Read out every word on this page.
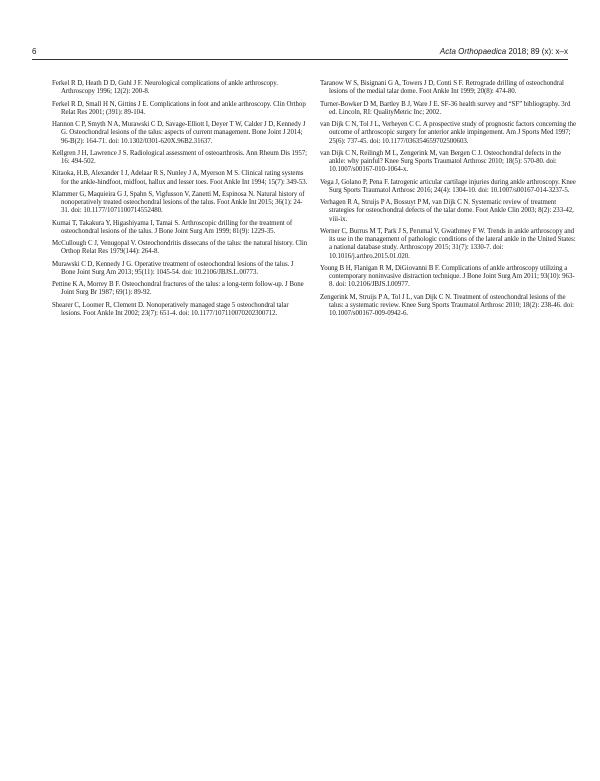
6	Acta Orthopaedica 2018; 89 (x): x–x

Ferkel R D, Heath D D, Guhl J F. Neurological complications of ankle arthroscopy. Arthroscopy 1996; 12(2): 200-8.

Ferkel R D, Small H N, Gittins J E. Complications in foot and ankle arthroscopy. Clin Orthop Relat Res 2001; (391): 89-104.

Hannon C P, Smyth N A, Murawski C D, Savage-Elliott I, Deyer T W, Calder J D, Kennedy J G. Osteochondral lesions of the talus: aspects of current management. Bone Joint J 2014; 96-B(2): 164-71. doi: 10.1302/0301-620X.96B2.31637.

Kellgren J H, Lawrence J S. Radiological assessment of osteoarthrosis. Ann Rheum Dis 1957; 16: 494-502.

Kitaoka, H.B, Alexander I J, Adelaar R S, Nunley J A, Myerson M S. Clinical rating systems for the ankle-hindfoot, midfoot, hallux and lesser toes. Foot Ankle Int 1994; 15(7): 349-53.

Klammer G, Maquieira G J, Spahn S, Vigfusson V, Zanetti M, Espinosa N. Natural history of nonoperatively treated osteochondral lesions of the talus. Foot Ankle Int 2015; 36(1): 24-31. doi: 10.1177/1071100714552480.

Kumai T, Takakura Y, Higashiyama I, Tamai S. Arthroscopic drilling for the treatment of osteochondral lesions of the talus. J Bone Joint Surg Am 1999; 81(9): 1229-35.

McCullough C J, Venugopal V. Osteochondritis dissecans of the talus: the natural history. Clin Orthop Relat Res 1979(144): 264-8.

Murawski C D, Kennedy J G. Operative treatment of osteochondral lesions of the talus. J Bone Joint Surg Am 2013; 95(11): 1045-54. doi: 10.2106/JBJS.L.00773.

Pettine K A, Morrey B F. Osteochondral fractures of the talus: a long-term follow-up. J Bone Joint Surg Br 1987; 69(1): 89-92.

Shearer C, Loomer R, Clement D. Nonoperatively managed stage 5 osteochondral talar lesions. Foot Ankle Int 2002; 23(7): 651-4. doi: 10.1177/107110070202300712.

Taranow W S, Bisignani G A, Towers J D, Conti S F. Retrograde drilling of osteochondral lesions of the medial talar dome. Foot Ankle Int 1999; 20(8): 474-80.

Turner-Bowker D M, Bartley B J, Ware J E. SF-36 health survey and “SF” bibliography. 3rd ed. Lincoln, RI: QualityMetric Inc; 2002.

van Dijk C N, Tol J L, Verheyen C C. A prospective study of prognostic factors concerning the outcome of arthroscopic surgery for anterior ankle impingement. Am J Sports Med 1997; 25(6): 737-45. doi: 10.1177/036354659702500603.

van Dijk C N, Reilingh M L, Zengerink M, van Bergen C J. Osteochondral defects in the ankle: why painful? Knee Surg Sports Traumatol Arthrosc 2010; 18(5): 570-80. doi: 10.1007/s00167-010-1064-x.

Vega J, Golano P, Pena F. Iatrogenic articular cartilage injuries during ankle arthroscopy. Knee Surg Sports Traumatol Arthrosc 2016; 24(4): 1304-10. doi: 10.1007/s00167-014-3237-5.

Verhagen R A, Struijs P A, Bossuyt P M, van Dijk C N. Systematic review of treatment strategies for osteochondral defects of the talar dome. Foot Ankle Clin 2003; 8(2): 233-42, viii-ix.

Werner C, Burrus M T, Park J S, Perumal V, Gwathmey F W. Trends in ankle arthroscopy and its use in the management of pathologic conditions of the lateral ankle in the United States: a national database study. Arthroscopy 2015; 31(7): 1330-7. doi: 10.1016/j.arthro.2015.01.020.

Young B H, Flanigan R M, DiGiovanni B F. Complications of ankle arthroscopy utilizing a contemporary noninvasive distraction technique. J Bone Joint Surg Am 2011; 93(10): 963-8. doi: 10.2106/JBJS.I.00977.

Zengerink M, Struijs P A, Tol J L, van Dijk C N. Treatment of osteochondral lesions of the talus: a systematic review. Knee Surg Sports Traumatol Arthrosc 2010; 18(2): 238-46. doi: 10.1007/s00167-009-0942-6.
